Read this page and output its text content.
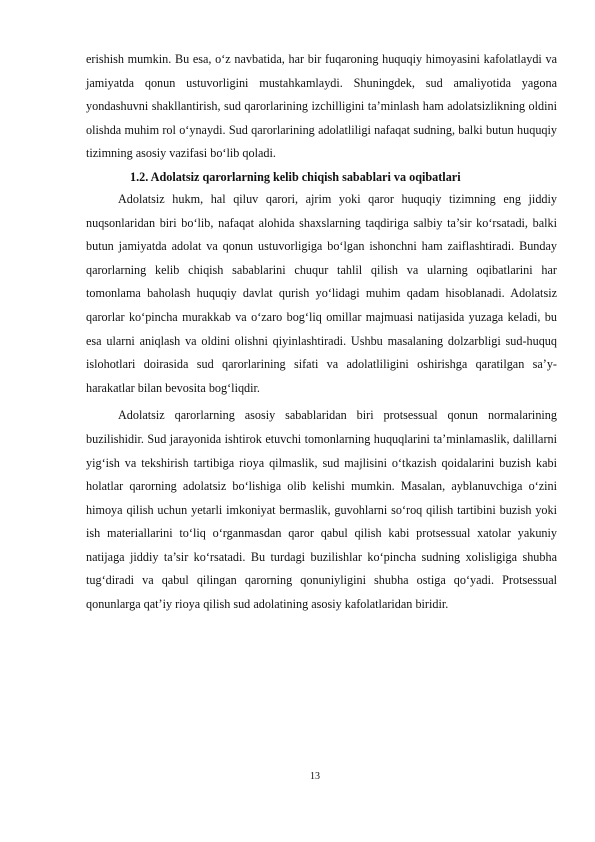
erishish mumkin. Bu esa, o‘z navbatida, har bir fuqaroning huquqiy himoyasini kafolatlaydi va jamiyatda qonun ustuvorligini mustahkamlaydi. Shuningdek, sud amaliyotida yagona yondashuvni shakllantirish, sud qarorlarining izchilligini ta’minlash ham adolatsizlikning oldini olishda muhim rol o‘ynaydi. Sud qarorlarining adolatliligi nafaqat sudning, balki butun huquqiy tizimning asosiy vazifasi bo‘lib qoladi.

1.2. Adolatsiz qarorlarning kelib chiqish sabablari va oqibatlari

Adolatsiz hukm, hal qiluv qarori, ajrim yoki qaror huquqiy tizimning eng jiddiy nuqsonlaridan biri bo‘lib, nafaqat alohida shaxslarning taqdiriga salbiy ta’sir ko‘rsatadi, balki butun jamiyatda adolat va qonun ustuvorligiga bo‘lgan ishonchni ham zaiflashtiradi. Bunday qarorlarning kelib chiqish sabablarini chuqur tahlil qilish va ularning oqibatlarini har tomonlama baholash huquqiy davlat qurish yo‘lidagi muhim qadam hisoblanadi. Adolatsiz qarorlar ko‘pincha murakkab va o‘zaro bog‘liq omillar majmuasi natijasida yuzaga keladi, bu esa ularni aniqlash va oldini olishni qiyinlashtiradi. Ushbu masalaning dolzarbligi sud-huquq islohotlari doirasida sud qarorlarining sifati va adolatliligini oshirishga qaratilgan sa’y-harakatlar bilan bevosita bog‘liqdir.

Adolatsiz qarorlarning asosiy sabablaridan biri protsessual qonun normalarining buzilishidir. Sud jarayonida ishtirok etuvchi tomonlarning huquqlarini ta’minlamaslik, dalillarni yig‘ish va tekshirish tartibiga rioya qilmaslik, sud majlisini o‘tkazish qoidalarini buzish kabi holatlar qarorning adolatsiz bo‘lishiga olib kelishi mumkin. Masalan, ayblanuvchiga o‘zini himoya qilish uchun yetarli imkoniyat bermaslik, guvohlarni so‘roq qilish tartibini buzish yoki ish materiallarini to‘liq o‘rganmasdan qaror qabul qilish kabi protsessual xatolar yakuniy natijaga jiddiy ta’sir ko‘rsatadi. Bu turdagi buzilishlar ko‘pincha sudning xolisligiga shubha tug‘diradi va qabul qilingan qarorning qonuniyligini shubha ostiga qo‘yadi. Protsessual qonunlarga qat’iy rioya qilish sud adolatining asosiy kafolatlaridan biridir.

13
